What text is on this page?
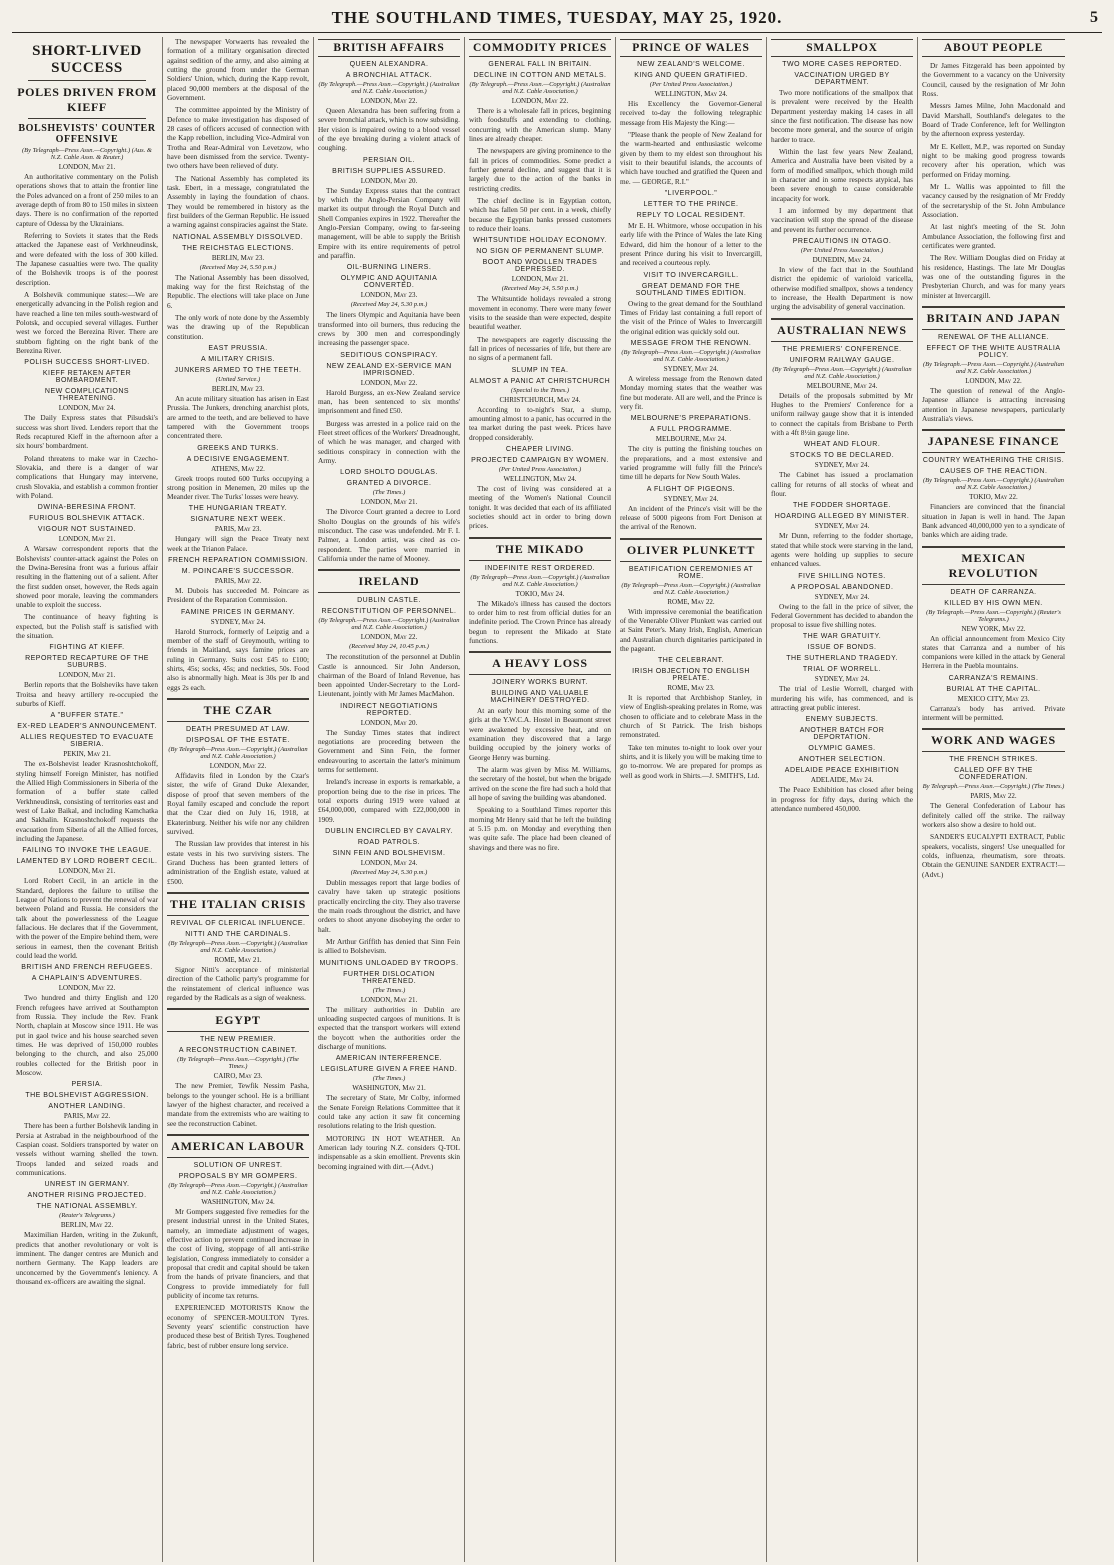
THE SOUTHLAND TIMES, TUESDAY, MAY 25, 1920.	5
SHORT-LIVED SUCCESS
POLES DRIVEN FROM KIEFF
BOLSHEVISTS' COUNTER OFFENSIVE
(By Telegraph—Press Assn.—Copyright.) (Aus. & N.Z. Cable Assn. & Reuter.)
LONDON, May 21.

An authoritative commentary on the Polish operations shows that to attain the frontier line the Poles advanced on a front of 250 miles to an average depth of from 80 to 150 miles in sixteen days. There is no confirmation of the reported capture of Odessa by the Ukrainians.

Referring to Soviets it states that the Reds attacked the Japanese east of Verkhneudinsk, and were defeated with the loss of 300 killed. The Japanese casualties were two. The quality of the Bolshevik troops is of the poorest description.

A Bolshevik communique states:—We are energetically advancing in the Polish region and have reached a line ten miles south-westward of Polotsk, and occupied several villages. Further west we forced the Berezina River. There are stubborn fighting on the right bank of the Berezina River.

POLISH SUCCESS SHORT-LIVED.
KIEFF RETAKEN AFTER BOMBARDMENT.
NEW COMPLICATIONS THREATENING.
LONDON, May 24.

The Daily Express states that Pilsudski's success was short lived. Lenders report that the Reds recaptured Kieff in the afternoon after a six hours' bombardment.

Poland threatens to make war in Czecho-Slovakia, and there is a danger of war complications that Hungary may intervene, crush Slovakia, and establish a common frontier with Poland.

DWINA-BERESINA FRONT.
FURIOUS BOLSHEVIK ATTACK.
VIGOUR NOT SUSTAINED.
LONDON, May 21.

A Warsaw correspondent reports that the Bolshevists' counter-attack against the Poles on the Dwina-Beresina front was a furious affair resulting in the flattening out of a salient. After the first sudden onset, however, the Reds again showed poor morale, leaving the commanders unable to exploit the success.

The continuance of heavy fighting is expected, but the Polish staff is satisfied with the situation.

FIGHTING AT KIEFF.
REPORTED RECAPTURE OF THE SUBURBS.
LONDON, May 21.

Berlin reports that the Bolsheviks have taken Troitsa and heavy artillery re-occupied the suburbs of Kieff.

A "BUFFER STATE."
EX-RED LEADER'S ANNOUNCEMENT.
ALLIES REQUESTED TO EVACUATE SIBERIA.
PEKIN, May 21.

The ex-Bolshevist leader Krasnoshtchokoff, styling himself Foreign Minister, has notified the Allied High Commissioners in Siberia of the formation of a buffer state called Verkhneudinsk, consisting of territories east and west of Lake Baikal, and including Kamchatka and Sakhalin. Krasnoshtchokoff requests the evacuation from Siberia of all the Allied forces, including the Japanese.

FAILING TO INVOKE THE LEAGUE.
LAMENTED BY LORD ROBERT CECIL.
LONDON, May 21.

Lord Robert Cecil, in an article in the Standard, deplores the failure to utilise the League of Nations to prevent the renewal of war between Poland and Russia. He considers the talk about the powerlessness of the League fallacious. He declares that if the Government, with the power of the Empire behind them, were serious in earnest, then the covenant British could lead the world.

BRITISH AND FRENCH REFUGEES.
A CHAPLAIN'S ADVENTURES.
LONDON, May 22.

Two hundred and thirty English and 120 French refugees have arrived at Southampton from Russia. They include the Rev. Frank North, chaplain at Moscow since 1911. He was put in gaol twice and his house searched seven times. He was deprived of 150,000 roubles belonging to the church, and also 25,000 roubles collected for the British poor in Moscow.

PERSIA.
THE BOLSHEVIST AGGRESSION.
ANOTHER LANDING.
PARIS, May 22.

There has been a further Bolshevik landing in Persia at Astrabad in the neighbourhood of the Caspian coast. Soldiers transported by water on vessels without warning shelled the town. Troops landed and seized roads and communications.

UNREST IN GERMANY.
ANOTHER RISING PROJECTED.
THE NATIONAL ASSEMBLY.
(Reuter's Telegrams.)
BERLIN, May 22.

Maximilian Harden, writing in the Zukunft, predicts that another revolutionary or volt is imminent. The danger centres are Munich and northern Germany. The Kapp leaders are unconcerned by the Government's leniency. A thousand ex-officers are awaiting the signal.

The newspaper Vorwaerts has revealed the formation of a military organisation directed against sedition of the army, and also aiming at cutting the ground from under the German Soldiers' Union, which, during the Kapp revolt, placed 90,000 members at the disposal of the Government.

The committee appointed by the Ministry of Defence to make investigation has disposed of 28 cases of officers accused of connection with the Kapp rebellion, including Vice-Admiral von Trotha and Rear-Admiral von Levetzow, who have been dismissed from the service. Twenty-two others have been relieved of duty.

The National Assembly has completed its task. Ebert, in a message, congratulated the Assembly in laying the foundation of chaos. They would be remembered in history as the first builders of the German Republic. He issued a warning against conspiracies against the State.

NATIONAL ASSEMBLY DISSOLVED.
THE REICHSTAG ELECTIONS.
BERLIN, May 23.
(Received May 24, 5.50 p.m.)

The National Assembly has been dissolved, making way for the first Reichstag of the Republic. The elections will take place on June 6.

The only work of note done by the Assembly was the drawing up of the Republican constitution.

EAST PRUSSIA.
A MILITARY CRISIS.
JUNKERS ARMED TO THE TEETH.
(United Service.)
BERLIN, May 23.

An acute military situation has arisen in East Prussia. The Junkers, drenching anarchist plots, are armed to the teeth, and are believed to have tampered with the Government troops concentrated there.

GREEKS AND TURKS.
A DECISIVE ENGAGEMENT.
ATHENS, May 22.

Greek troops routed 600 Turks occupying a strong position in Menemen, 20 miles up the Meander river. The Turks' losses were heavy.

THE HUNGARIAN TREATY.
SIGNATURE NEXT WEEK.
PARIS, May 23.

Hungary will sign the Peace Treaty next week at the Trianon Palace.

FRENCH REPARATION COMMISSION.
M. POINCARE'S SUCCESSOR.
PARIS, May 22.

M. Dubois has succeeded M. Poincare as President of the Reparation Commission.

FAMINE PRICES IN GERMANY.
SYDNEY, May 24.

Harold Sturrock, formerly of Leipzig and a member of the staff of Greymouth, writing to friends in Maitland, says famine prices are ruling in Germany. Suits cost £45 to £100; shirts, 45s; socks, 45s; and neckties, 50s. Food also is abnormally high. Meat is 30s per lb and eggs 2s each.

THE CZAR
DEATH PRESUMED AT LAW.
DISPOSAL OF THE ESTATE.
(By Telegraph—Press Assn.—Copyright.) (Australian and N.Z. Cable Association.)
LONDON, May 22.

Affidavits filed in London by the Czar's sister, the wife of Grand Duke Alexander, dispose of proof that seven members of the Royal family escaped and conclude the report that the Czar died on July 16, 1918, at Ekaterinburg. Neither his wife nor any children survived.

The Russian law provides that interest in his estate vests in his two surviving sisters. The Grand Duchess has been granted letters of administration of the English estate, valued at £500.

THE ITALIAN CRISIS
REVIVAL OF CLERICAL INFLUENCE.
NITTI AND THE CARDINALS.
(By Telegraph—Press Assn.—Copyright.) (Australian and N.Z. Cable Association.)
ROME, May 21.

Signor Nitti's acceptance of ministerial direction of the Catholic party's programme for the reinstatement of clerical influence was regarded by the Radicals as a sign of weakness.

EGYPT
THE NEW PREMIER.
A RECONSTRUCTION CABINET.
(By Telegraph—Press Assn.—Copyright.) (The Times.)
CAIRO, May 23.

The new Premier, Tewfik Nessim Pasha, belongs to the younger school. He is a brilliant lawyer of the highest character, and received a mandate from the extremists who are waiting to see the reconstruction Cabinet.

AMERICAN LABOUR
SOLUTION OF UNREST.
PROPOSALS BY MR GOMPERS.
(By Telegraph—Press Assn.—Copyright.) (Australian and N.Z. Cable Association.)
WASHINGTON, May 24.

Mr Gompers suggested five remedies for the present industrial unrest in the United States, namely, an immediate adjustment of wages, effective action to prevent continued increase in the cost of living, stoppage of all anti-strike legislation, Congress immediately to consider a proposal that credit and capital should be taken from the hands of private financiers, and that Congress to provide immediately for full publicity of income tax returns.

EXPERIENCED MOTORISTS Know the economy of SPENCER-MOULTON Tyres. Seventy years' scientific construction have produced these best of British Tyres. Toughened fabric, best of rubber ensure long service.

BRITISH AFFAIRS
QUEEN ALEXANDRA.
A BRONCHIAL ATTACK.
(By Telegraph.—Press Assn.—Copyright.) (Australian and N.Z. Cable Association.)
LONDON, May 22.

Queen Alexandra has been suffering from a severe bronchial attack, which is now subsiding. Her vision is impaired owing to a blood vessel of the eye breaking during a violent attack of coughing.

PERSIAN OIL.
BRITISH SUPPLIES ASSURED.
LONDON, May 20.

The Sunday Express states that the contract by which the Anglo-Persian Company will market its output through the Royal Dutch and Shell Companies expires in 1922. Thereafter the Anglo-Persian Company, owing to far-seeing management, will be able to supply the British Empire with its entire requirements of petrol and paraffin.

OIL-BURNING LINERS.
OLYMPIC AND AQUITANIA CONVERTED.
LONDON, May 23.
(Received May 24, 5.30 p.m.)

The liners Olympic and Aquitania have been transformed into oil burners, thus reducing the crews by 300 men and correspondingly increasing the passenger space.

SEDITIOUS CONSPIRACY.
NEW ZEALAND EX-SERVICE MAN IMPRISONED.
LONDON, May 22.

Harold Burgess, an ex-New Zealand service man, has been sentenced to six months' imprisonment and fined £50.

Burgess was arrested in a police raid on the Fleet street offices of the Workers' Dreadnought, of which he was manager, and charged with seditious conspiracy in connection with the Army.

LORD SHOLTO DOUGLAS.
GRANTED A DIVORCE.
(The Times.)
LONDON, May 21.

The Divorce Court granted a decree to Lord Sholto Douglas on the grounds of his wife's misconduct. The case was undefended. Mr F. I. Palmer, a London artist, was cited as co-respondent. The parties were married in California under the name of Mooney.

IRELAND
DUBLIN CASTLE.
RECONSTITUTION OF PERSONNEL.
(By Telegraph.—Press Assn.—Copyright.) (Australian and N.Z. Cable Association.)
LONDON, May 22.
(Received May 24, 10.45 p.m.)

The reconstitution of the personnel at Dublin Castle is announced. Sir John Anderson, chairman of the Board of Inland Revenue, has been appointed Under-Secretary to the Lord-Lieutenant, jointly with Mr James MacMahon.

INDIRECT NEGOTIATIONS REPORTED.
LONDON, May 20.

The Sunday Times states that indirect negotiations are proceeding between the Government and Sinn Fein, the former endeavouring to ascertain the latter's minimum terms for settlement.

Ireland's increase in exports is remarkable, a proportion being due to the rise in prices. The total exports during 1919 were valued at £64,000,000, compared with £22,000,000 in 1909.

DUBLIN ENCIRCLED BY CAVALRY.
ROAD PATROLS.
SINN FEIN AND BOLSHEVISM.
LONDON, May 24.
(Received May 24, 5.30 p.m.)

Dublin messages report that large bodies of cavalry have taken up strategic positions practically encircling the city. They also traverse the main roads throughout the district, and have orders to shoot anyone disobeying the order to halt.

Mr Arthur Griffith has denied that Sinn Fein is allied to Bolshevism.

MUNITIONS UNLOADED BY TROOPS.
FURTHER DISLOCATION THREATENED.
(The Times.)
LONDON, May 21.

The military authorities in Dublin are unloading suspected cargoes of munitions. It is expected that the transport workers will extend the boycott when the authorities order the discharge of munitions.

AMERICAN INTERFERENCE.
LEGISLATURE GIVEN A FREE HAND.
(The Times.)
WASHINGTON, May 21.

The secretary of State, Mr Colby, informed the Senate Foreign Relations Committee that it could take any action it saw fit concerning resolutions relating to the Irish question.

MOTORING IN HOT WEATHER. An American lady touring N.Z. considers Q-TOL indispensable as a skin emollient. Prevents skin becoming ingrained with dirt.—(Advt.)

COMMODITY PRICES
GENERAL FALL IN BRITAIN.
DECLINE IN COTTON AND METALS.
(By Telegraph.—Press Assn.—Copyright.) (Australian and N.Z. Cable Association.)
LONDON, May 22.

There is a wholesale fall in prices, beginning with foodstuffs and extending to clothing, concurring with the American slump. Many lines are already cheaper.

The newspapers are giving prominence to the fall in prices of commodities. Some predict a further general decline, and suggest that it is largely due to the action of the banks in restricting credits.

The chief decline is in Egyptian cotton, which has fallen 50 per cent. in a week, chiefly because the Egyptian banks pressed customers to reduce their loans.

WHITSUNTIDE HOLIDAY ECONOMY.
NO SIGN OF PERMANENT SLUMP.
BOOT AND WOOLLEN TRADES DEPRESSED.
LONDON, May 21.
(Received May 24, 5.50 p.m.)

The Whitsuntide holidays revealed a strong movement in economy. There were many fewer visits to the seaside than were expected, despite beautiful weather.

The newspapers are eagerly discussing the fall in prices of necessaries of life, but there are no signs of a permanent fall.

SLUMP IN TEA.
ALMOST A PANIC AT CHRISTCHURCH
(Special to the Times.)
CHRISTCHURCH, May 24.

According to to-night's Star, a slump, amounting almost to a panic, has occurred in the tea market during the past week. Prices have dropped considerably.

CHEAPER LIVING.
PROJECTED CAMPAIGN BY WOMEN.
(Per United Press Association.)
WELLINGTON, May 24.

The cost of living was considered at a meeting of the Women's National Council tonight. It was decided that each of its affiliated societies should act in order to bring down prices.

THE MIKADO
INDEFINITE REST ORDERED.
(By Telegraph—Press Assn.—Copyright.) (Australian and N.Z. Cable Association.)
TOKIO, May 24.

The Mikado's illness has caused the doctors to order him to rest from official duties for an indefinite period. The Crown Prince has already begun to represent the Mikado at State functions.

A HEAVY LOSS
JOINERY WORKS BURNT.
BUILDING AND VALUABLE MACHINERY DESTROYED.

At an early hour this morning some of the girls at the Y.W.C.A. Hostel in Beaumont street were awakened by excessive heat, and on examination they discovered that a large building occupied by the joinery works of George Henry was burning.

The alarm was given by Miss M. Williams, the secretary of the hostel, but when the brigade arrived on the scene the fire had such a hold that all hope of saving the building was abandoned.

Speaking to a Southland Times reporter this morning Mr Henry said that he left the building at 5.15 p.m. on Monday and everything then was quite safe. The place had been cleaned of shavings and there was no fire.

PRINCE OF WALES
NEW ZEALAND'S WELCOME.
KING AND QUEEN GRATIFIED.
(Per United Press Association.)
WELLINGTON, May 24.

His Excellency the Governor-General received to-day the following telegraphic message from His Majesty the King:—

"Please thank the people of New Zealand for the warm-hearted and enthusiastic welcome given by them to my eldest son throughout his visit to their beautiful islands, the accounts of which have touched and gratified the Queen and me. — GEORGE, R.I."

"LIVERPOOL."
LETTER TO THE PRINCE.
REPLY TO LOCAL RESIDENT.

Mr E. H. Whitmore, whose occupation in his early life with the Prince of Wales the late King Edward, did him the honour of a letter to the present Prince during his visit to Invercargill, and received a courteous reply.

VISIT TO INVERCARGILL.
GREAT DEMAND FOR THE SOUTHLAND TIMES EDITION.

Owing to the great demand for the Southland Times of Friday last containing a full report of the visit of the Prince of Wales to Invercargill the original edition was quickly sold out.

MESSAGE FROM THE RENOWN.
(By Telegraph—Press Assn.—Copyright.) (Australian and N.Z. Cable Association.)
SYDNEY, May 24.

A wireless message from the Renown dated Monday morning states that the weather was fine but moderate. All are well, and the Prince is very fit.

MELBOURNE'S PREPARATIONS.
A FULL PROGRAMME.
MELBOURNE, May 24.

The city is putting the finishing touches on the preparations, and a most extensive and varied programme will fully fill the Prince's time till he departs for New South Wales.

A FLIGHT OF PIGEONS.
SYDNEY, May 24.

An incident of the Prince's visit will be the release of 5000 pigeons from Fort Denison at the arrival of the Renown.

OLIVER PLUNKETT
BEATIFICATION CEREMONIES AT ROME.
(By Telegraph—Press Assn.—Copyright.) (Australian and N.Z. Cable Association.)
ROME, May 22.

With impressive ceremonial the beatification of the Venerable Oliver Plunkett was carried out at Saint Peter's. Many Irish, English, American and Australian church dignitaries participated in the pageant.

THE CELEBRANT.
IRISH OBJECTION TO ENGLISH PRELATE.
ROME, May 23.

It is reported that Archbishop Stanley, in view of English-speaking prelates in Rome, was chosen to officiate and to celebrate Mass in the church of St Patrick. The Irish bishops remonstrated.

Take ten minutes to-night to look over your shirts, and it is likely you will be making time to go to-morrow. We are prepared for promps as well as good work in Shirts.—J. SMITH'S, Ltd.

SMALLPOX
TWO MORE CASES REPORTED.
VACCINATION URGED BY DEPARTMENT.

Two more notifications of the smallpox that is prevalent were received by the Health Department yesterday making 14 cases in all since the first notification. The disease has now become more general, and the source of origin harder to trace.

Within the last few years New Zealand, America and Australia have been visited by a form of modified smallpox, which though mild in character and in some respects atypical, has been severe enough to cause considerable incapacity for work.

I am informed by my department that vaccination will stop the spread of the disease and prevent its further occurrence.

PRECAUTIONS IN OTAGO.
(Per United Press Association.)
DUNEDIN, May 24.

In view of the fact that in the Southland district the epidemic of varioloid varicella, otherwise modified smallpox, shows a tendency to increase, the Health Department is now urging the advisability of general vaccination.

AUSTRALIAN NEWS
THE PREMIERS' CONFERENCE.
UNIFORM RAILWAY GAUGE.
(By Telegraph—Press Assn.—Copyright.) (Australian and N.Z. Cable Association.)
MELBOURNE, May 24.

Details of the proposals submitted by Mr Hughes to the Premiers' Conference for a uniform railway gauge show that it is intended to connect the capitals from Brisbane to Perth with a 4ft 8½in gauge line.

WHEAT AND FLOUR.
STOCKS TO BE DECLARED.
SYDNEY, May 24.

The Cabinet has issued a proclamation calling for returns of all stocks of wheat and flour.

THE FODDER SHORTAGE.
HOARDING ALLEGED BY MINISTER.
SYDNEY, May 24.

Mr Dunn, referring to the fodder shortage, stated that while stock were starving in the land, agents were holding up supplies to secure enhanced values.

FIVE SHILLING NOTES.
A PROPOSAL ABANDONED.
SYDNEY, May 24.

Owing to the fall in the price of silver, the Federal Government has decided to abandon the proposal to issue five shilling notes.

THE WAR GRATUITY.
ISSUE OF BONDS.
THE SUTHERLAND TRAGEDY.
TRIAL OF WORRELL.
SYDNEY, May 24.

The trial of Leslie Worrell, charged with murdering his wife, has commenced, and is attracting great public interest.

ENEMY SUBJECTS.
ANOTHER BATCH FOR DEPORTATION.
OLYMPIC GAMES.
ANOTHER SELECTION.
ADELAIDE PEACE EXHIBITION
ADELAIDE, May 24.

The Peace Exhibition has closed after being in progress for fifty days, during which the attendance numbered 450,000.

ABOUT PEOPLE

Dr James Fitzgerald has been appointed by the Government to a vacancy on the University Council, caused by the resignation of Mr John Ross.

Messrs James Milne, John Macdonald and David Marshall, Southland's delegates to the Board of Trade Conference, left for Wellington by the afternoon express yesterday.

Mr E. Kellett, M.P., was reported on Sunday night to be making good progress towards recovery after his operation, which was performed on Friday morning.

Mr L. Wallis was appointed to fill the vacancy caused by the resignation of Mr Freddy of the secretaryship of the St. John Ambulance Association.

At last night's meeting of the St. John Ambulance Association, the following first and certificates were granted.

The Rev. William Douglas died on Friday at his residence, Hastings. The late Mr Douglas was one of the outstanding figures in the Presbyterian Church, and was for many years minister at Invercargill.

BRITAIN AND JAPAN
RENEWAL OF THE ALLIANCE.
EFFECT OF THE WHITE AUSTRALIA POLICY.
(By Telegraph.—Press Assn.—Copyright.) (Australian and N.Z. Cable Association.)
LONDON, May 22.

The question of renewal of the Anglo-Japanese alliance is attracting increasing attention in Japanese newspapers, particularly Australia's views.

JAPANESE FINANCE
COUNTRY WEATHERING THE CRISIS.
CAUSES OF THE REACTION.
(By Telegraph.—Press Assn.—Copyright.) (Australian and N.Z. Cable Association.)
TOKIO, May 22.

Financiers are convinced that the financial situation in Japan is well in hand. The Japan Bank advanced 40,000,000 yen to a syndicate of banks which are aiding trade.

MEXICAN REVOLUTION
DEATH OF CARRANZA.
KILLED BY HIS OWN MEN.
(By Telegraph.—Press Assn.—Copyright.) (Reuter's Telegrams.)
NEW YORK, May 22.

An official announcement from Mexico City states that Carranza and a number of his companions were killed in the attack by General Herrera in the Puebla mountains.

CARRANZA'S REMAINS.
BURIAL AT THE CAPITAL.
MEXICO CITY, May 23.

Carranza's body has arrived. Private interment will be permitted.

WORK AND WAGES
THE FRENCH STRIKES.
CALLED OFF BY THE CONFEDERATION.
By Telegraph.—Press Assn.—Copyright.) (The Times.)
PARIS, May 22.

The General Confederation of Labour has definitely called off the strike. The railway workers also show a desire to hold out.

SANDER'S EUCALYPTI EXTRACT, Public speakers, vocalists, singers! Use unequalled for colds, influenza, rheumatism, sore throats. Obtain the GENUINE SANDER EXTRACT!—(Advt.)
